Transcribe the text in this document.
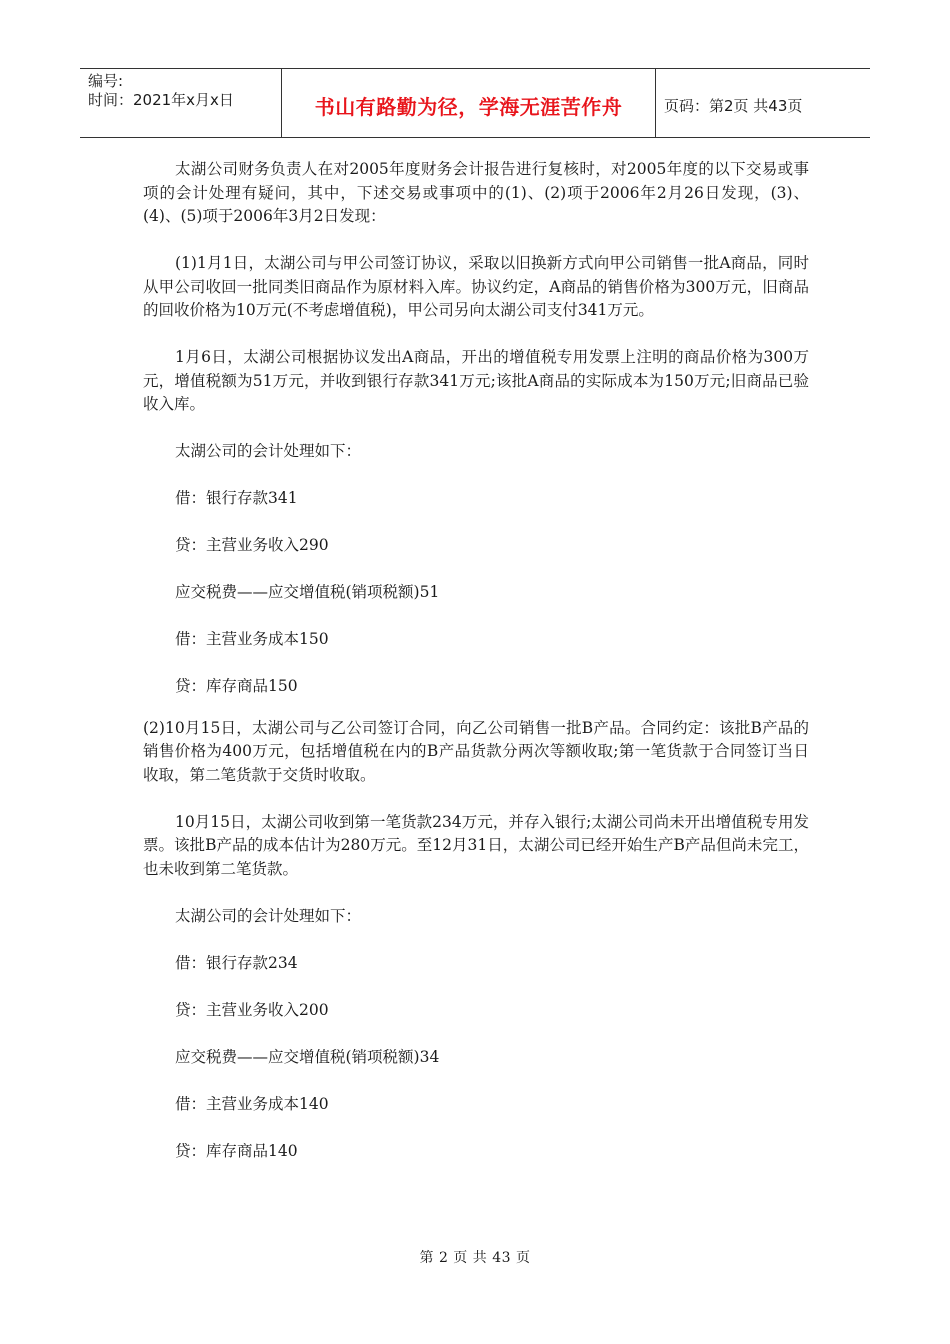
编号:
时间：2021年x月x日	书山有路勤为径，学海无涯苦作舟	页码：第2页 共43页

太湖公司财务负责人在对2005年度财务会计报告进行复核时，对2005年度的以下交易或事项的会计处理有疑问，其中，下述交易或事项中的(1)、(2)项于2006年2月26日发现，(3)、(4)、(5)项于2006年3月2日发现：

(1)1月1日，太湖公司与甲公司签订协议，采取以旧换新方式向甲公司销售一批A商品，同时从甲公司收回一批同类旧商品作为原材料入库。协议约定，A商品的销售价格为300万元，旧商品的回收价格为10万元(不考虑增值税)，甲公司另向太湖公司支付341万元。

1月6日，太湖公司根据协议发出A商品，开出的增值税专用发票上注明的商品价格为300万元，增值税额为51万元，并收到银行存款341万元;该批A商品的实际成本为150万元;旧商品已验收入库。

太湖公司的会计处理如下：

借：银行存款341
贷：主营业务收入290
应交税费——应交增值税(销项税额)51
借：主营业务成本150
贷：库存商品150

(2)10月15日，太湖公司与乙公司签订合同，向乙公司销售一批B产品。合同约定：该批B产品的销售价格为400万元，包括增值税在内的B产品货款分两次等额收取;第一笔货款于合同签订当日收取，第二笔货款于交货时收取。

10月15日，太湖公司收到第一笔货款234万元，并存入银行;太湖公司尚未开出增值税专用发票。该批B产品的成本估计为280万元。至12月31日，太湖公司已经开始生产B产品但尚未完工，也未收到第二笔货款。

太湖公司的会计处理如下：

借：银行存款234
贷：主营业务收入200
应交税费——应交增值税(销项税额)34
借：主营业务成本140
贷：库存商品140
第 2 页 共 43 页
